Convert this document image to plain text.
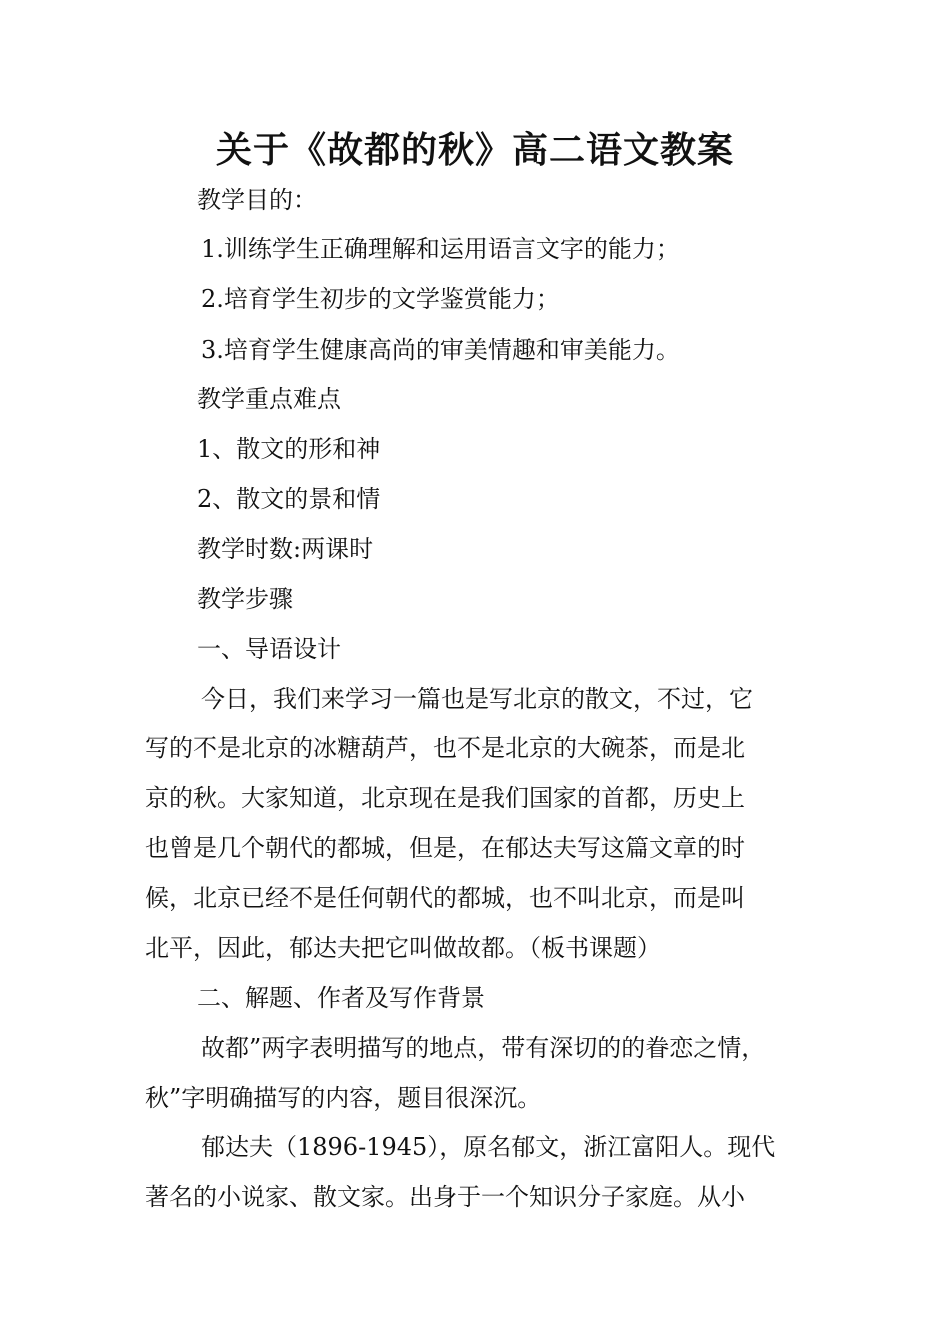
关于《故都的秋》高二语文教案
教学目的：
1.训练学生正确理解和运用语言文字的能力；
2.培育学生初步的文学鉴赏能力；
3.培育学生健康高尚的审美情趣和审美能力。
教学重点难点
1、散文的形和神
2、散文的景和情
教学时数:两课时
教学步骤
一、导语设计
今日，我们来学习一篇也是写北京的散文，不过，它
写的不是北京的冰糖葫芦，也不是北京的大碗茶，而是北
京的秋。大家知道，北京现在是我们国家的首都，历史上
也曾是几个朝代的都城，但是，在郁达夫写这篇文章的时
候，北京已经不是任何朝代的都城，也不叫北京，而是叫
北平，因此，郁达夫把它叫做故都。（板书课题）
二、解题、作者及写作背景
故都”两字表明描写的地点，带有深切的的眷恋之情，
秋”字明确描写的内容，题目很深沉。
郁达夫（1896-1945），原名郁文，浙江富阳人。现代
著名的小说家、散文家。出身于一个知识分子家庭。从小
